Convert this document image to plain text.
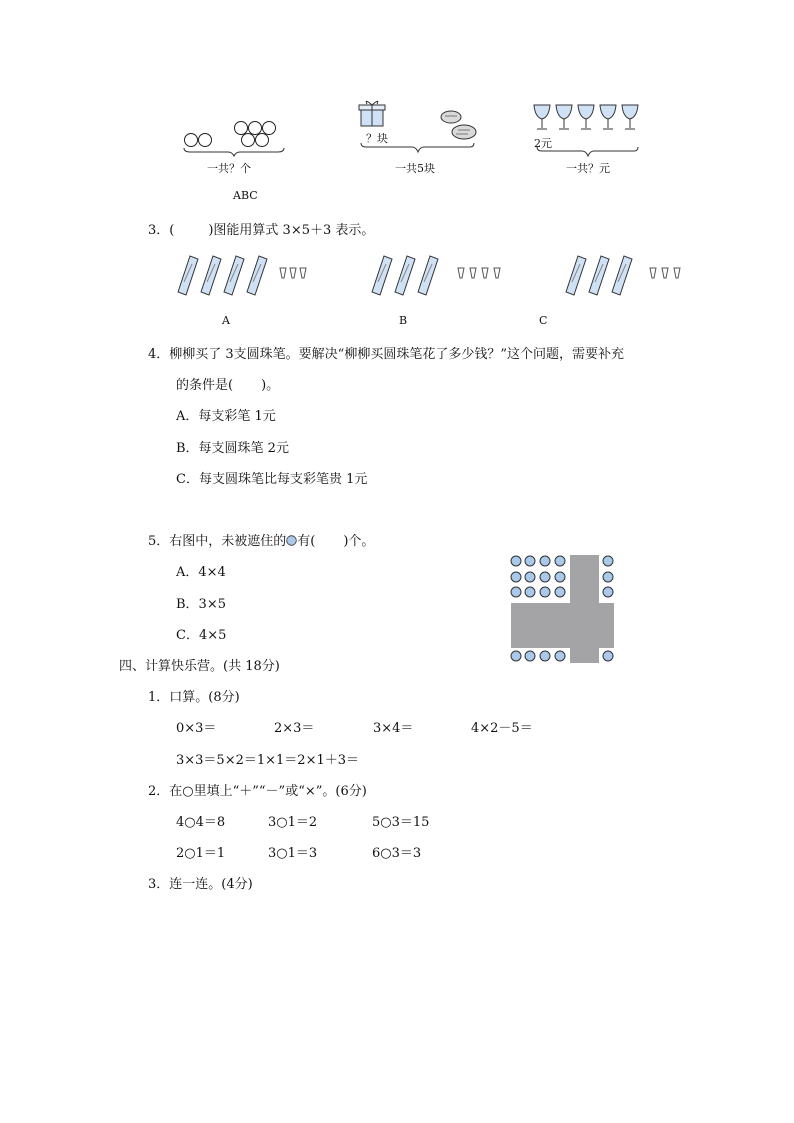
一共？个
？块
一共5块
2元
一共？元
ABC
3．(	)图能用算式 3×5＋3 表示。
A	B	C
4．柳柳买了 3支圆珠笔。要解决“柳柳买圆珠笔花了多少钱？”这个问题，需要补充
的条件是( )。
A．每支彩笔 1元
B．每支圆珠笔 2元
C．每支圆珠笔比每支彩笔贵 1元
5．右图中，未被遮住的 有( )个。
A．4×4
B．3×5
C．4×5
四、计算快乐营。(共 18分)
1．口算。(8分)
0×3＝	2×3＝	3×4＝	4×2－5＝
3×3＝5×2＝1×1＝2×1＋3＝
2．在○里填上“＋”“－”或“×”。(6分)
4○4＝8	3○1＝2	5○3＝15
2○1＝1	3○1＝3	6○3＝3
3．连一连。(4分)
